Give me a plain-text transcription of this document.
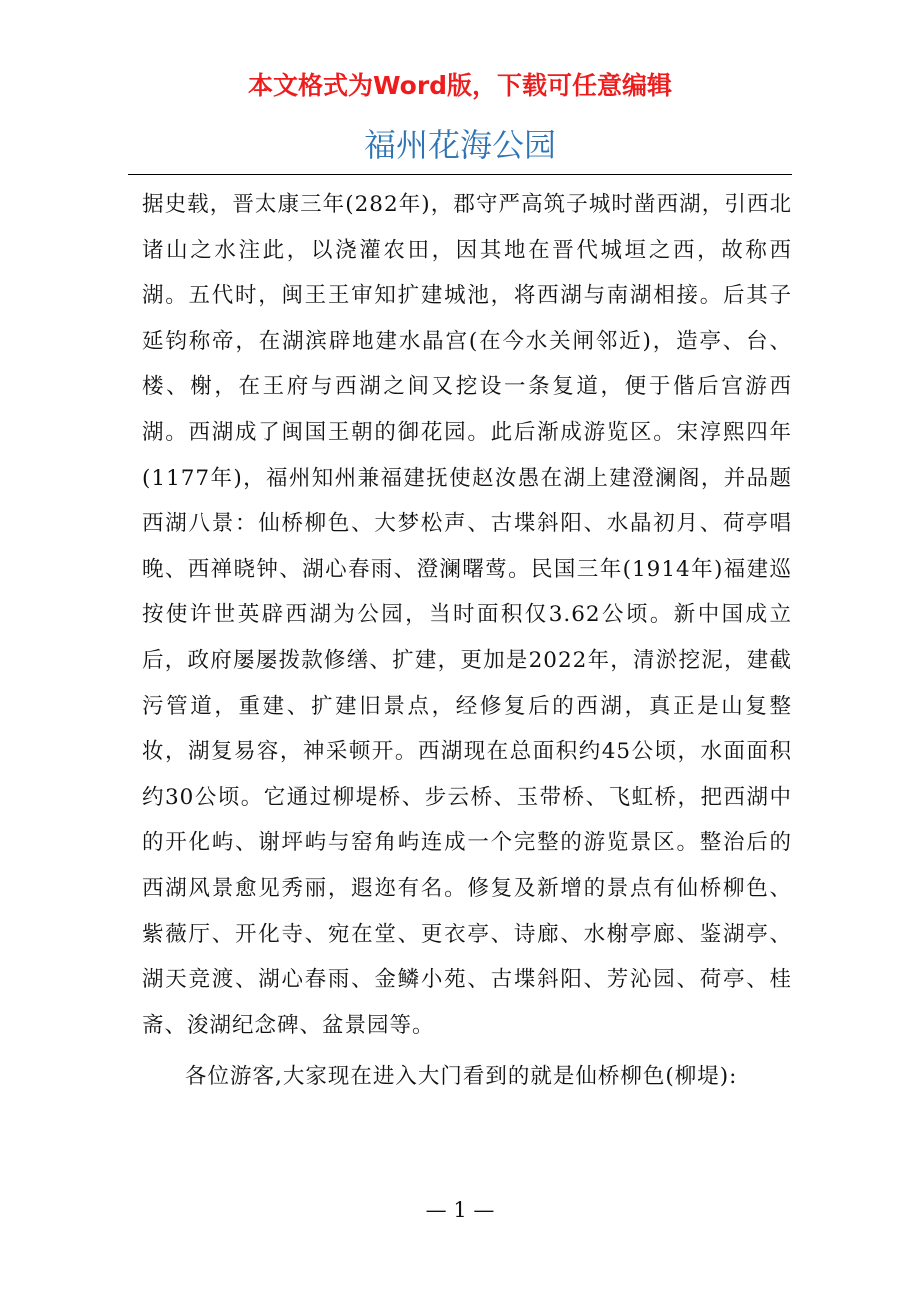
本文格式为Word版，下载可任意编辑
福州花海公园

据史载，晋太康三年(282年)，郡守严高筑子城时凿西湖，引西北诸山之水注此，以浇灌农田，因其地在晋代城垣之西，故称西湖。五代时，闽王王审知扩建城池，将西湖与南湖相接。后其子延钧称帝，在湖滨辟地建水晶宫(在今水关闸邻近)，造亭、台、楼、榭，在王府与西湖之间又挖设一条复道，便于偕后宫游西湖。西湖成了闽国王朝的御花园。此后渐成游览区。宋淳熙四年(1177年)，福州知州兼福建抚使赵汝愚在湖上建澄澜阁，并品题西湖八景：仙桥柳色、大梦松声、古堞斜阳、水晶初月、荷亭唱晚、西禅晓钟、湖心春雨、澄澜曙莺。民国三年(1914年)福建巡按使许世英辟西湖为公园，当时面积仅3.62公顷。新中国成立后，政府屡屡拨款修缮、扩建，更加是2022年，清淤挖泥，建截污管道，重建、扩建旧景点，经修复后的西湖，真正是山复整妆，湖复易容，神采顿开。西湖现在总面积约45公顷，水面面积约30公顷。它通过柳堤桥、步云桥、玉带桥、飞虹桥，把西湖中的开化屿、谢坪屿与窑角屿连成一个完整的游览景区。整治后的西湖风景愈见秀丽，遐迩有名。修复及新增的景点有仙桥柳色、紫薇厅、开化寺、宛在堂、更衣亭、诗廊、水榭亭廊、鉴湖亭、湖天竞渡、湖心春雨、金鳞小苑、古堞斜阳、芳沁园、荷亭、桂斋、浚湖纪念碑、盆景园等。

各位游客,大家现在进入大门看到的就是仙桥柳色(柳堤):

— 1 —
